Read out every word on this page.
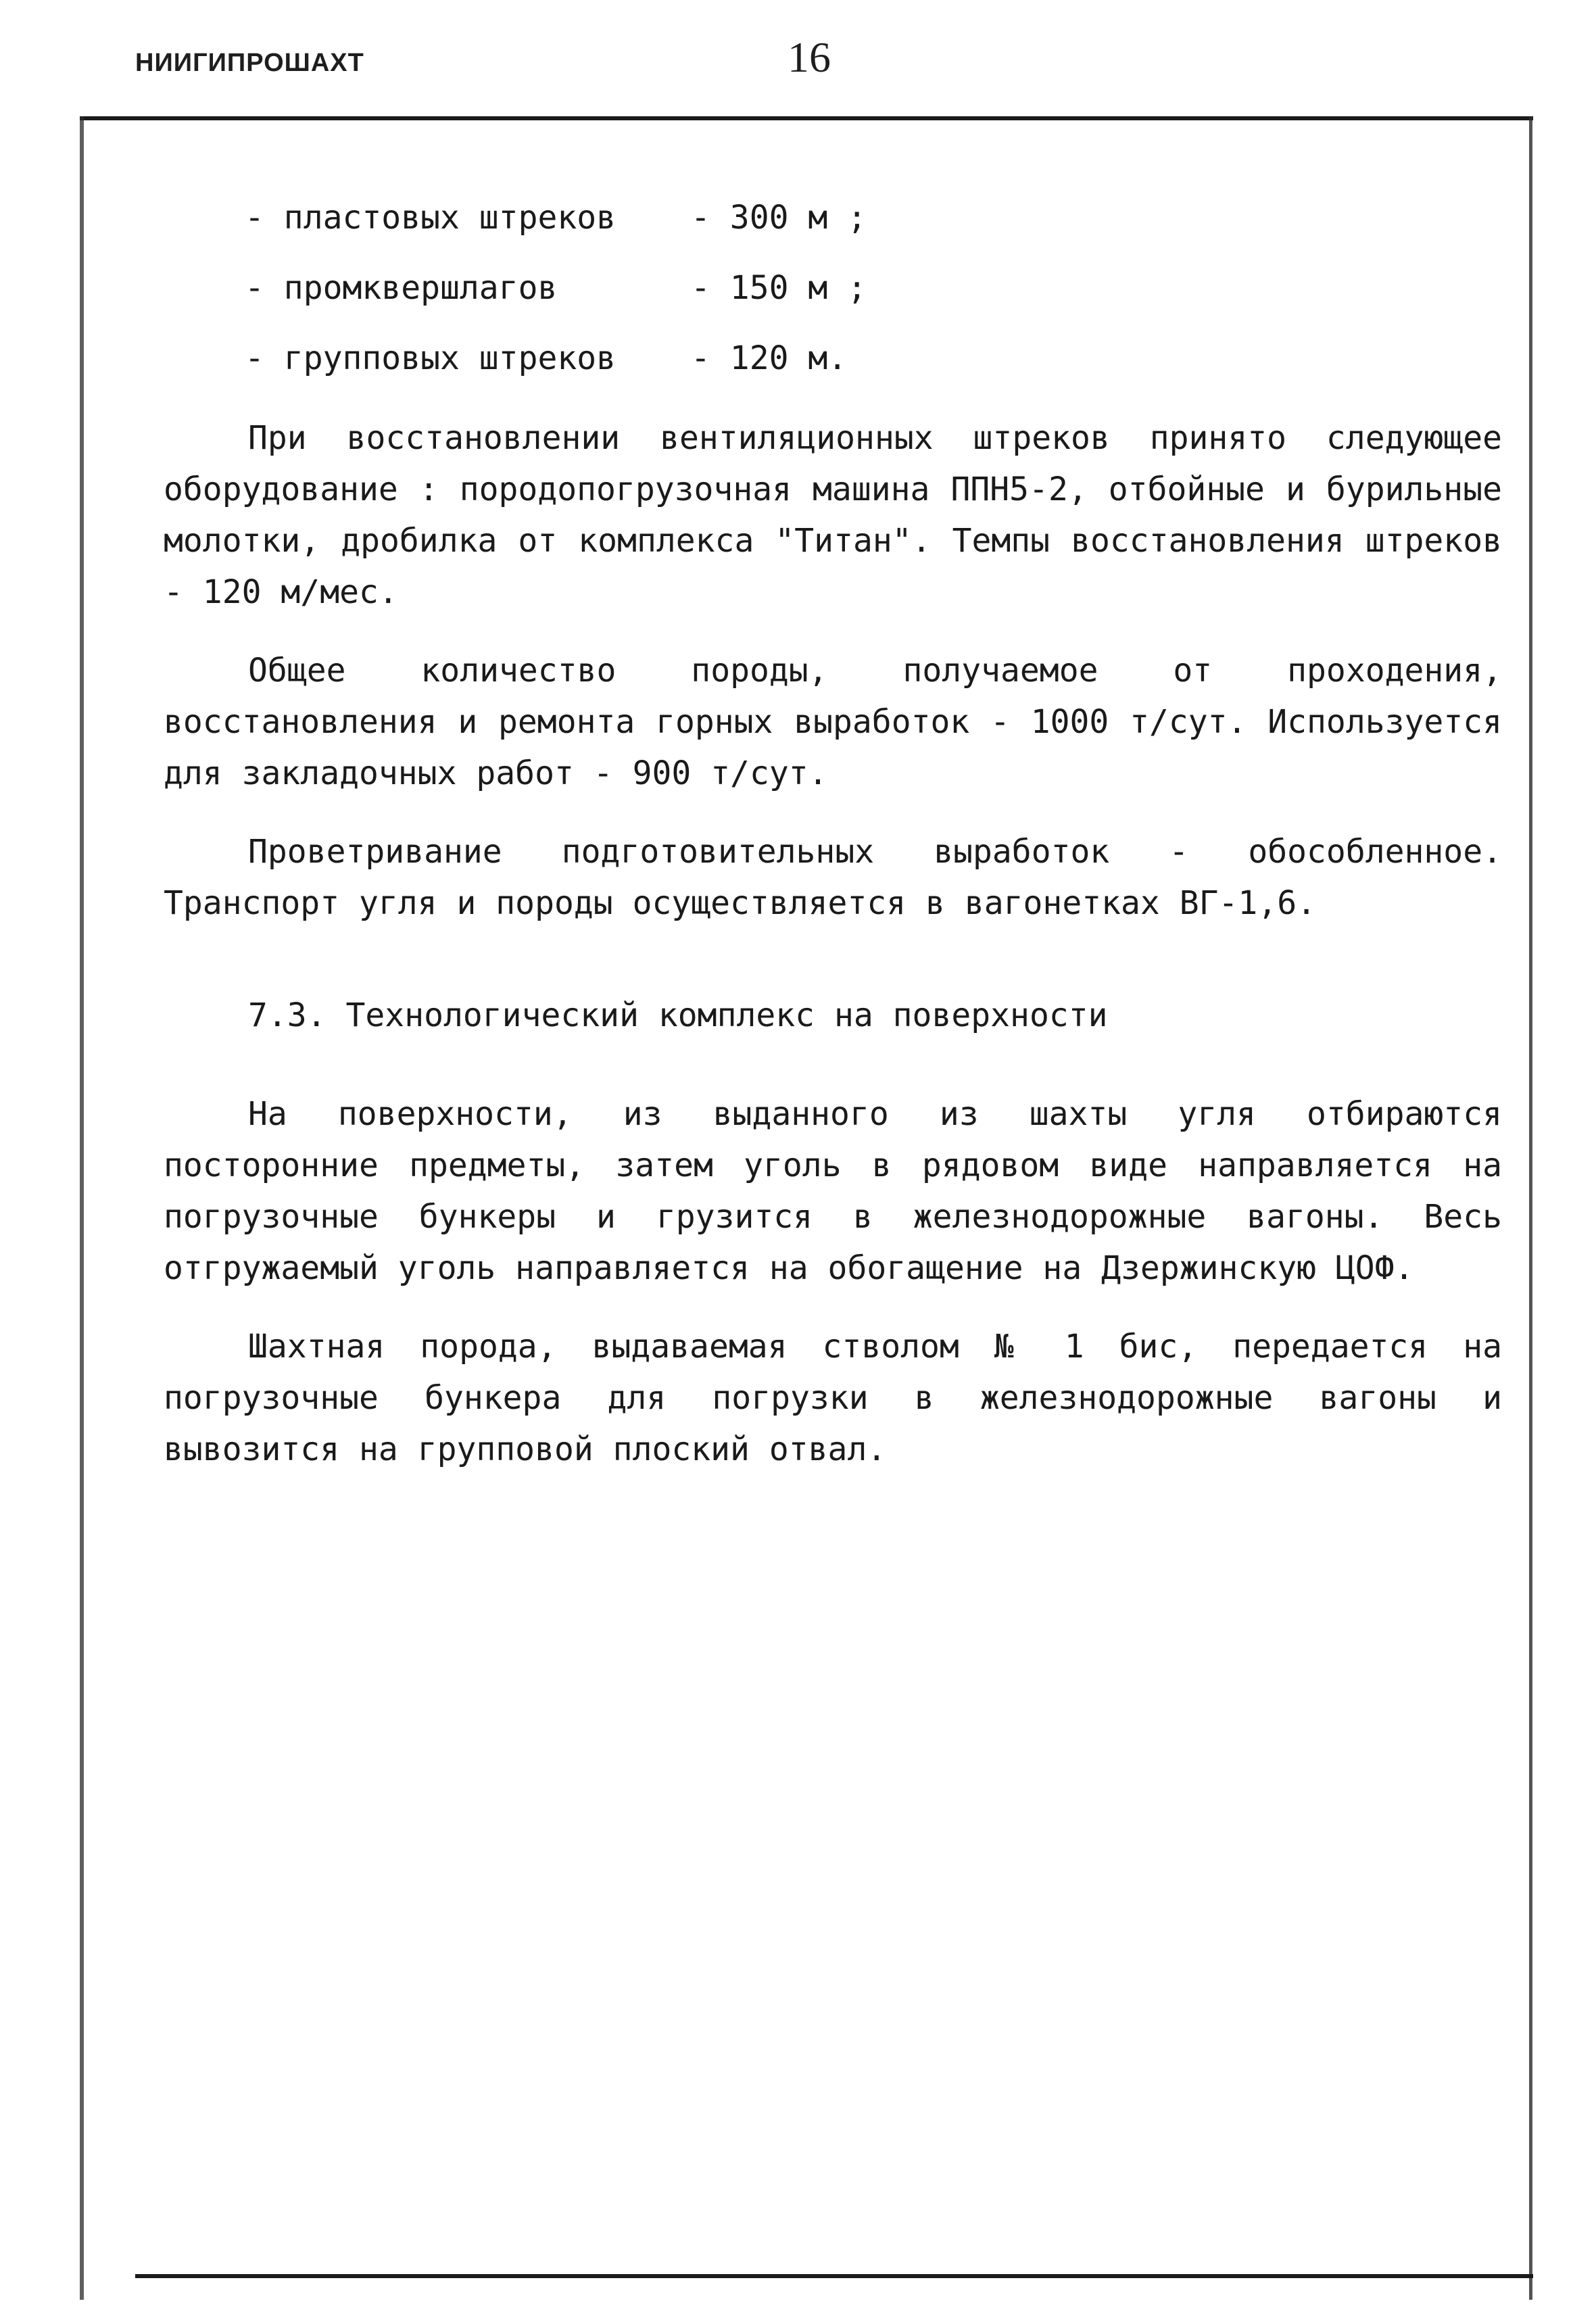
НИИГИПРОШАХТ	16
- пластовых штреков - 300 м ;
- промквершлагов	- 150 м ;
- групповых штреков - 120 м.

При восстановлении вентиляционных штреков принято следующее оборудование : породопогрузочная машина ППН5-2, отбойные и бурильные молотки, дробилка от комплекса "Титан". Темпы восстановления штреков - 120 м/мес.

Общее количество породы, получаемое от проходения, восстановления и ремонта горных выработок - 1000 т/сут. Используется для закладочных работ - 900 т/сут.

Проветривание подготовительных выработок - обособленное. Транспорт угля и породы осуществляется в вагонетках ВГ-1,6.

7.3. Технологический комплекс на поверхности

На поверхности, из выданного из шахты угля отбираются посторонние предметы, затем уголь в рядовом виде направляется на погрузочные бункеры и грузится в железнодорожные вагоны. Весь отгружаемый уголь направляется на обогащение на Дзержинскую ЦОФ.

Шахтная порода, выдаваемая стволом № 1 бис, передается на погрузочные бункера для погрузки в железнодорожные вагоны и вывозится на групповой плоский отвал.
